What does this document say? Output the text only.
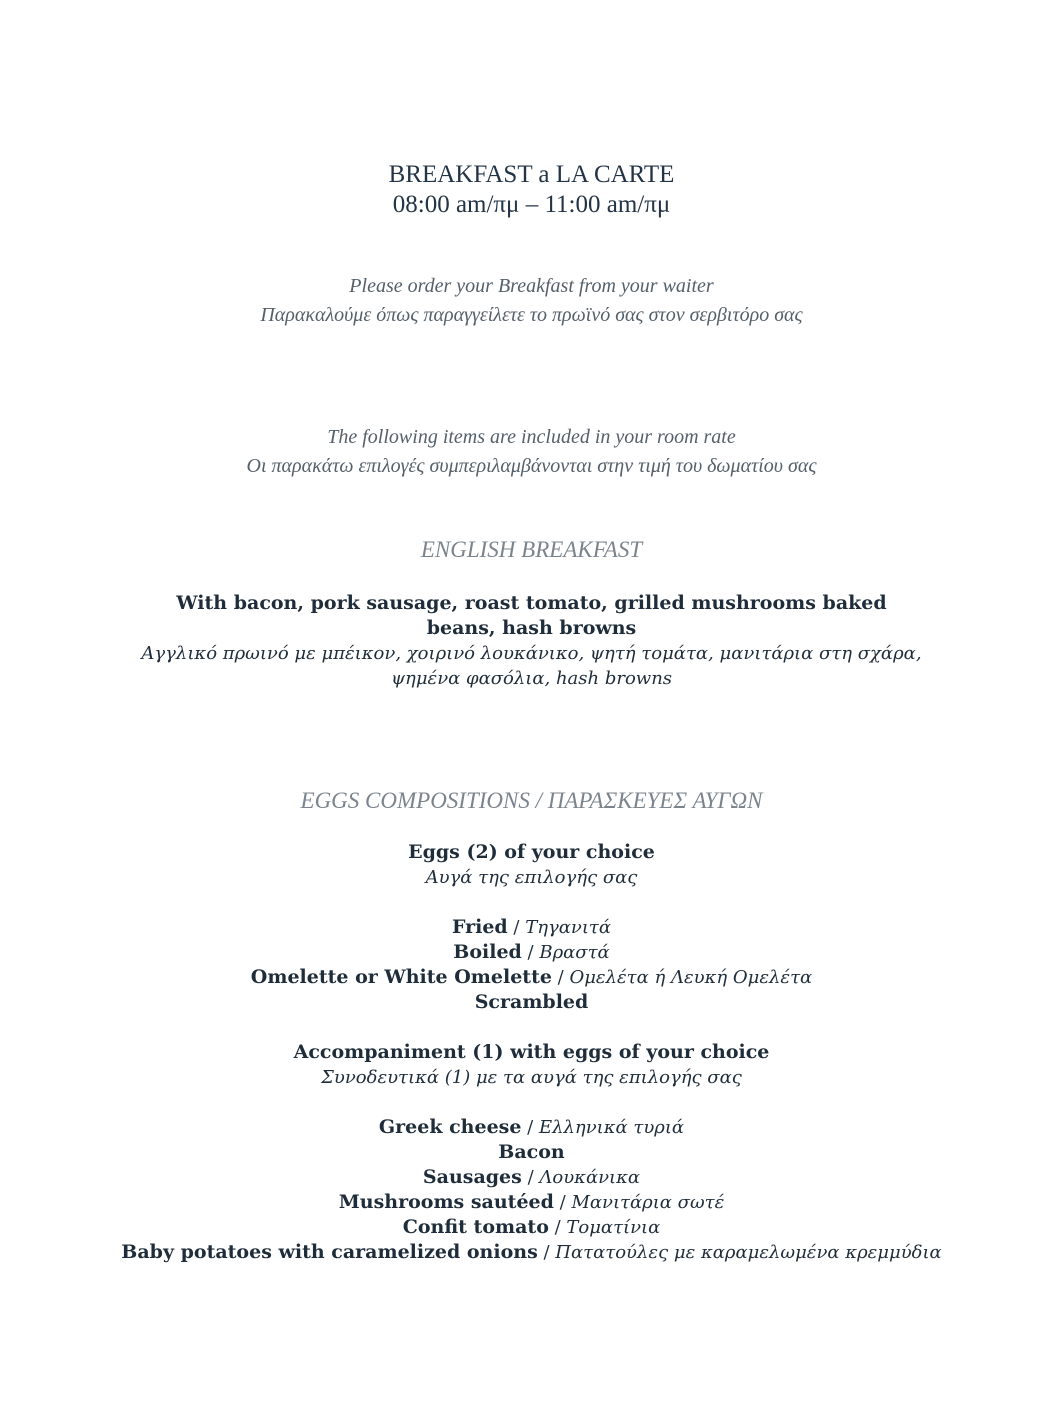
BREAKFAST a LA CARTE
08:00 am/πμ – 11:00 am/πμ
Please order your Breakfast from your waiter
Παρακαλούμε όπως παραγγείλετε το πρωϊνό σας στον σερβιτόρο σας
The following items are included in your room rate
Οι παρακάτω επιλογές συμπεριλαμβάνονται στην τιμή του δωματίου σας
ENGLISH BREAKFAST
With bacon, pork sausage, roast tomato, grilled mushrooms baked beans, hash browns
Αγγλικό πρωινό με μπέικον, χοιρινό λουκάνικο, ψητή τομάτα, μανιτάρια στη σχάρα,
ψημένα φασόλια, hash browns
EGGS COMPOSITIONS / ΠΑΡΑΣΚΕΥΕΣ ΑΥΓΩΝ
Eggs (2) of your choice
Αυγά της επιλογής σας
Fried / Τηγανιτά
Boiled / Βραστά
Omelette or White Omelette / Ομελέτα ή Λευκή Ομελέτα
Scrambled
Accompaniment (1) with eggs of your choice
Συνοδευτικά (1) με τα αυγά της επιλογής σας
Greek cheese / Ελληνικά τυριά
Bacon
Sausages / Λουκάνικα
Mushrooms sautéed / Μανιτάρια σωτέ
Confit tomato / Τοματίνια
Baby potatoes with caramelized onions / Πατατούλες με καραμελωμένα κρεμμύδια
